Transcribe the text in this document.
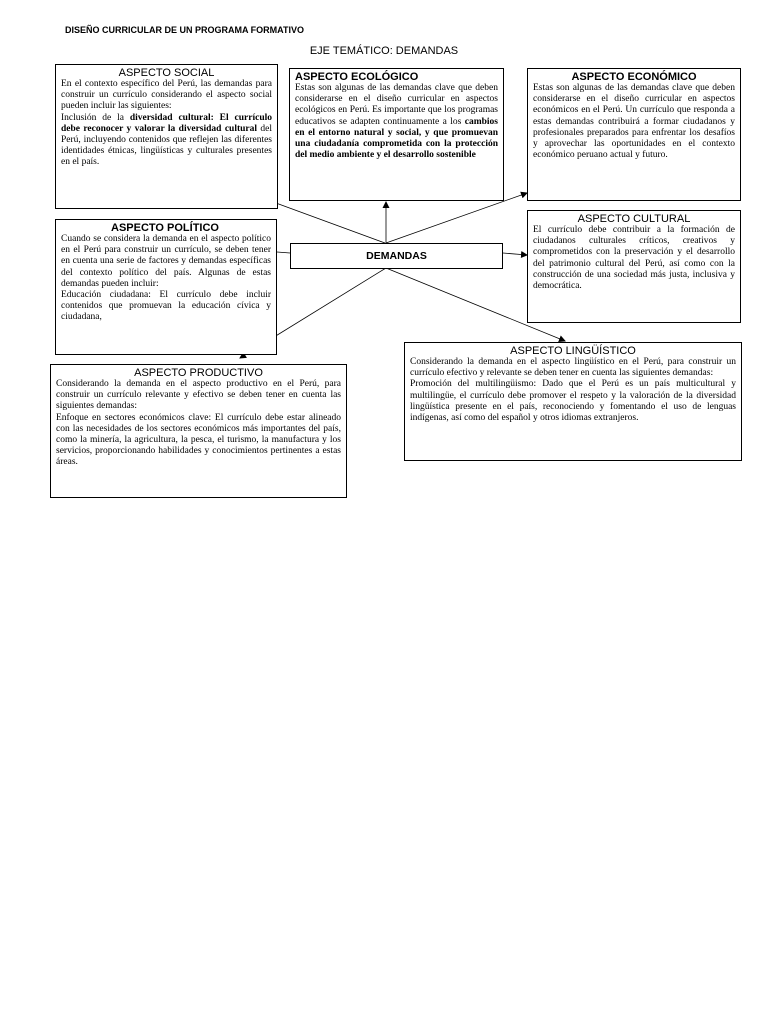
DISEÑO CURRICULAR DE UN PROGRAMA FORMATIVO
EJE TEMÁTICO: DEMANDAS
ASPECTO SOCIAL

En el contexto específico del Perú, las demandas para construir un currículo considerando el aspecto social pueden incluir las siguientes:

Inclusión de la diversidad cultural: El currículo debe reconocer y valorar la diversidad cultural del Perú, incluyendo contenidos que reflejen las diferentes identidades étnicas, lingüísticas y culturales presentes en el país.

ASPECTO ECOLÓGICO

Estas son algunas de las demandas clave que deben considerarse en el diseño curricular en aspectos ecológicos en Perú. Es importante que los programas educativos se adapten continuamente a los cambios en el entorno natural y social, y que promuevan una ciudadanía comprometida con la protección del medio ambiente y el desarrollo sostenible

ASPECTO ECONÓMICO

Estas son algunas de las demandas clave que deben considerarse en el diseño curricular en aspectos económicos en el Perú. Un currículo que responda a estas demandas contribuirá a formar ciudadanos y profesionales preparados para enfrentar los desafíos y aprovechar las oportunidades en el contexto económico peruano actual y futuro.

DEMANDAS
ASPECTO POLÍTICO

Cuando se considera la demanda en el aspecto político en el Perú para construir un currículo, se deben tener en cuenta una serie de factores y demandas específicas del contexto político del país. Algunas de estas demandas pueden incluir:

Educación ciudadana: El currículo debe incluir contenidos que promuevan la educación cívica y ciudadana,

ASPECTO CULTURAL

El currículo debe contribuir a la formación de ciudadanos culturales críticos, creativos y comprometidos con la preservación y el desarrollo del patrimonio cultural del Perú, así como con la construcción de una sociedad más justa, inclusiva y democrática.

ASPECTO PRODUCTIVO

Considerando la demanda en el aspecto productivo en el Perú, para construir un currículo relevante y efectivo se deben tener en cuenta las siguientes demandas:

Enfoque en sectores económicos clave: El currículo debe estar alineado con las necesidades de los sectores económicos más importantes del país, como la minería, la agricultura, la pesca, el turismo, la manufactura y los servicios, proporcionando habilidades y conocimientos pertinentes a estas áreas.

ASPECTO LINGÜÍSTICO

Considerando la demanda en el aspecto lingüístico en el Perú, para construir un currículo efectivo y relevante se deben tener en cuenta las siguientes demandas:

Promoción del multilingüismo: Dado que el Perú es un país multicultural y multilingüe, el currículo debe promover el respeto y la valoración de la diversidad lingüística presente en el país, reconociendo y fomentando el uso de lenguas indígenas, así como del español y otros idiomas extranjeros.
